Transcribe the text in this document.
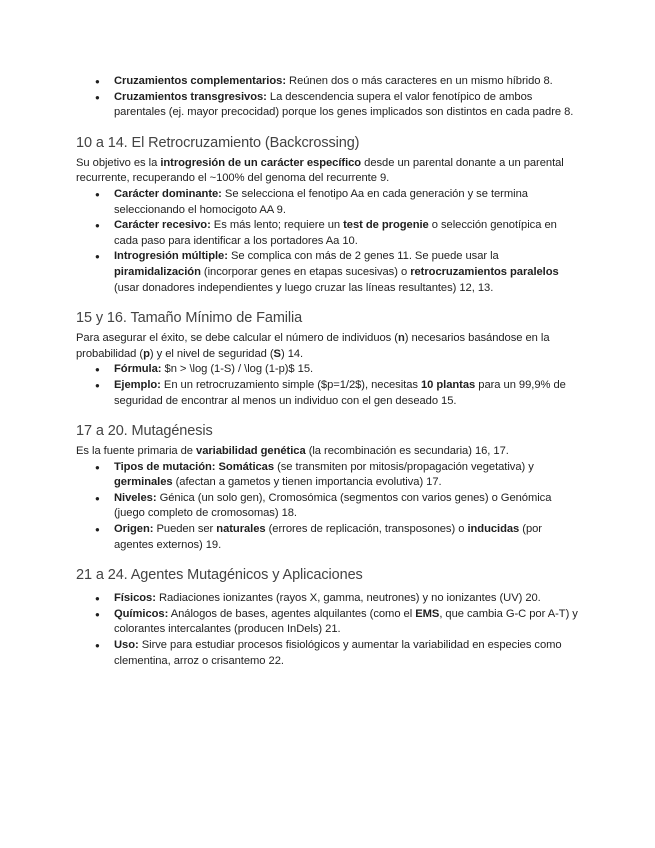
● Cruzamientos complementarios: Reúnen dos o más caracteres en un mismo híbrido 8.
● Cruzamientos transgresivos: La descendencia supera el valor fenotípico de ambos parentales (ej. mayor precocidad) porque los genes implicados son distintos en cada padre 8.
10 a 14. El Retrocruzamiento (Backcrossing)

Su objetivo es la introgresión de un carácter específico desde un parental donante a un parental recurrente, recuperando el ~100% del genoma del recurrente 9.

● Carácter dominante: Se selecciona el fenotipo Aa en cada generación y se termina seleccionando el homocigoto AA 9.
● Carácter recesivo: Es más lento; requiere un test de progenie o selección genotípica en cada paso para identificar a los portadores Aa 10.
● Introgresión múltiple: Se complica con más de 2 genes 11. Se puede usar la piramidalización (incorporar genes en etapas sucesivas) o retrocruzamientos paralelos (usar donadores independientes y luego cruzar las líneas resultantes) 12, 13.
15 y 16. Tamaño Mínimo de Familia

Para asegurar el éxito, se debe calcular el número de individuos (n) necesarios basándose en la probabilidad (p) y el nivel de seguridad (S) 14.

● Fórmula: $n > \log (1-S) / \log (1-p)$ 15.
● Ejemplo: En un retrocruzamiento simple ($p=1/2$), necesitas 10 plantas para un 99,9% de seguridad de encontrar al menos un individuo con el gen deseado 15.
17 a 20. Mutagénesis

Es la fuente primaria de variabilidad genética (la recombinación es secundaria) 16, 17.

● Tipos de mutación: Somáticas (se transmiten por mitosis/propagación vegetativa) y germinales (afectan a gametos y tienen importancia evolutiva) 17.
● Niveles: Génica (un solo gen), Cromosómica (segmentos con varios genes) o Genómica (juego completo de cromosomas) 18.
● Origen: Pueden ser naturales (errores de replicación, transposones) o inducidas (por agentes externos) 19.
21 a 24. Agentes Mutagénicos y Aplicaciones
● Físicos: Radiaciones ionizantes (rayos X, gamma, neutrones) y no ionizantes (UV) 20.
● Químicos: Análogos de bases, agentes alquilantes (como el EMS, que cambia G-C por A-T) y colorantes intercalantes (producen InDels) 21.
● Uso: Sirve para estudiar procesos fisiológicos y aumentar la variabilidad en especies como clementina, arroz o crisantemo 22.
